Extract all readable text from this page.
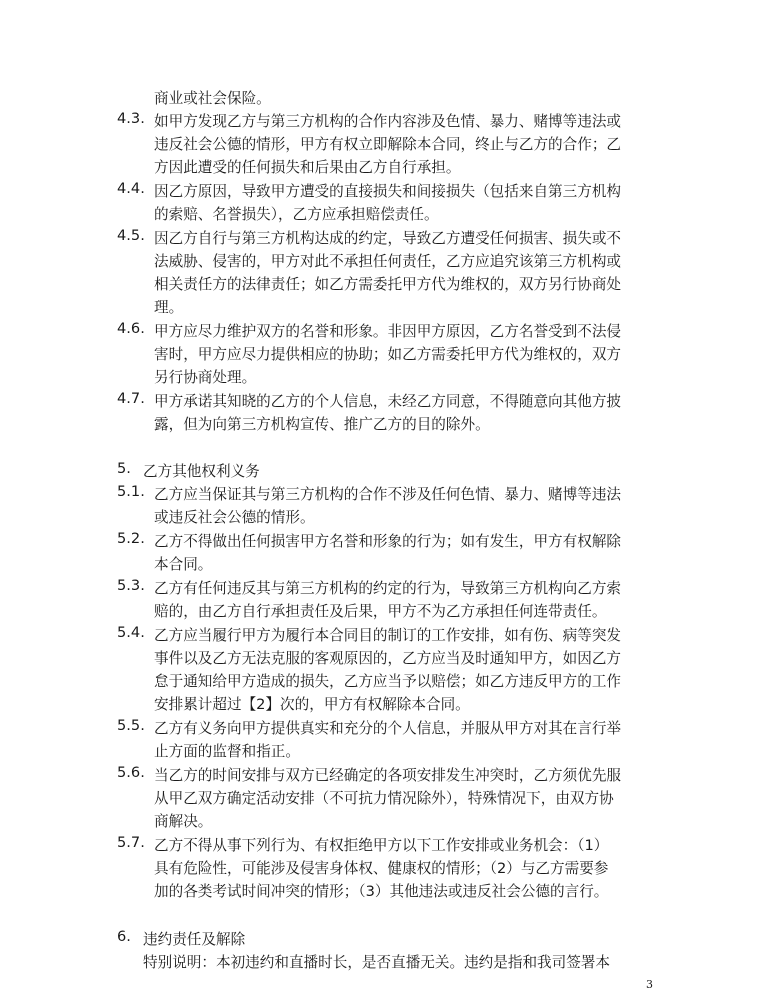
商业或社会保险。
4.3. 如甲方发现乙方与第三方机构的合作内容涉及色情、暴力、赌博等违法或
违反社会公德的情形，甲方有权立即解除本合同，终止与乙方的合作；乙
方因此遭受的任何损失和后果由乙方自行承担。
4.4. 因乙方原因，导致甲方遭受的直接损失和间接损失（包括来自第三方机构
的索赔、名誉损失），乙方应承担赔偿责任。
4.5. 因乙方自行与第三方机构达成的约定，导致乙方遭受任何损害、损失或不
法威胁、侵害的，甲方对此不承担任何责任，乙方应追究该第三方机构或
相关责任方的法律责任；如乙方需委托甲方代为维权的，双方另行协商处
理。
4.6. 甲方应尽力维护双方的名誉和形象。非因甲方原因，乙方名誉受到不法侵
害时，甲方应尽力提供相应的协助；如乙方需委托甲方代为维权的，双方
另行协商处理。
4.7. 甲方承诺其知晓的乙方的个人信息，未经乙方同意，不得随意向其他方披
露，但为向第三方机构宣传、推广乙方的目的除外。
5. 乙方其他权利义务
5.1. 乙方应当保证其与第三方机构的合作不涉及任何色情、暴力、赌博等违法
或违反社会公德的情形。
5.2. 乙方不得做出任何损害甲方名誉和形象的行为；如有发生，甲方有权解除
本合同。
5.3. 乙方有任何违反其与第三方机构的约定的行为，导致第三方机构向乙方索
赔的，由乙方自行承担责任及后果，甲方不为乙方承担任何连带责任。
5.4. 乙方应当履行甲方为履行本合同目的制订的工作安排，如有伤、病等突发
事件以及乙方无法克服的客观原因的，乙方应当及时通知甲方，如因乙方
怠于通知给甲方造成的损失，乙方应当予以赔偿；如乙方违反甲方的工作
安排累计超过【2】次的，甲方有权解除本合同。
5.5. 乙方有义务向甲方提供真实和充分的个人信息，并服从甲方对其在言行举
止方面的监督和指正。
5.6. 当乙方的时间安排与双方已经确定的各项安排发生冲突时，乙方须优先服
从甲乙双方确定活动安排（不可抗力情况除外），特殊情况下，由双方协
商解决。
5.7. 乙方不得从事下列行为、有权拒绝甲方以下工作安排或业务机会：（1）
具有危险性，可能涉及侵害身体权、健康权的情形；（2）与乙方需要参
加的各类考试时间冲突的情形；（3）其他违法或违反社会公德的言行。
6. 违约责任及解除
特别说明：本初违约和直播时长，是否直播无关。违约是指和我司签署本
3
